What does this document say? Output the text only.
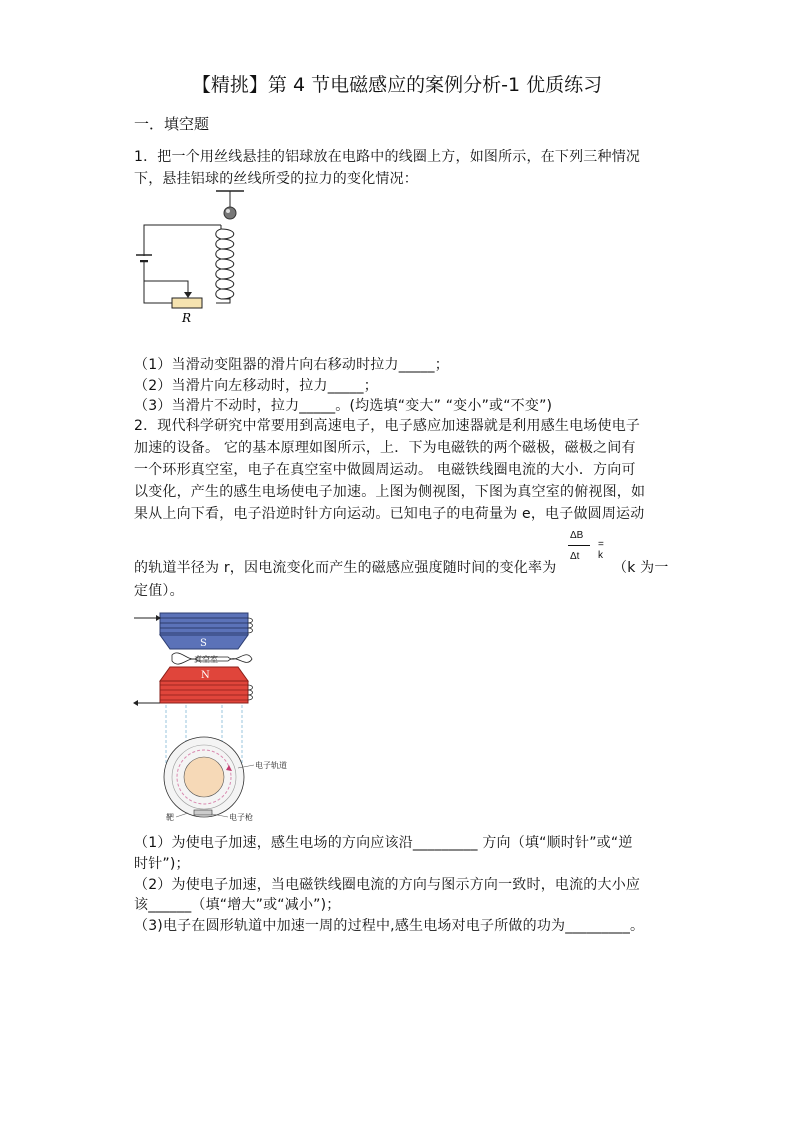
【精挑】第 4 节电磁感应的案例分析-1 优质练习
一．填空题
1．把一个用丝线悬挂的铝球放在电路中的线圈上方，如图所示，在下列三种情况
下，悬挂铝球的丝线所受的拉力的变化情况：
R
（1）当滑动变阻器的滑片向右移动时拉力_____；
（2）当滑片向左移动时，拉力_____；
（3）当滑片不动时，拉力_____。(均选填“变大” “变小”或“不变”)
2．现代科学研究中常要用到高速电子，电子感应加速器就是利用感生电场使电子
加速的设备。 它的基本原理如图所示，上．下为电磁铁的两个磁极，磁极之间有
一个环形真空室，电子在真空室中做圆周运动。 电磁铁线圈电流的大小．方向可
以变化，产生的感生电场使电子加速。上图为侧视图，下图为真空室的俯视图，如
果从上向下看，电子沿逆时针方向运动。已知电子的电荷量为 e，电子做圆周运动
ΔB
Δt
= k
的轨道半径为 r，因电流变化而产生的磁感应强度随时间的变化率为	（k 为一
定值）。
S
真空室
N
电子轨道
电子枪
靶
（1）为使电子加速，感生电场的方向应该沿_________ 方向（填“顺时针”或“逆
时针”)；
（2）为使电子加速，当电磁铁线圈电流的方向与图示方向一致时，电流的大小应
该______（填“增大”或“减小”)；
（3)电子在圆形轨道中加速一周的过程中,感生电场对电子所做的功为_________。
